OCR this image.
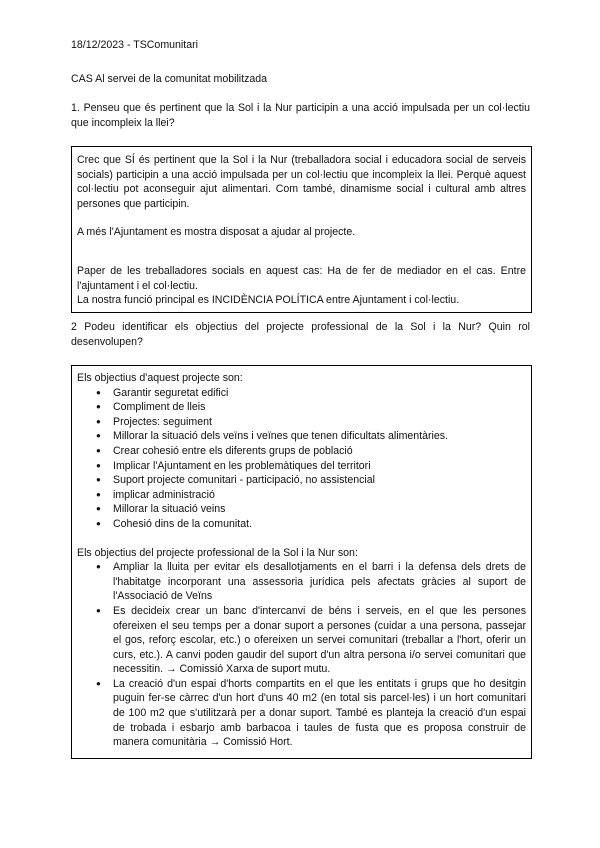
18/12/2023 - TSComunitari
CAS Al servei de la comunitat mobilitzada
1. Penseu que és pertinent que la Sol i la Nur participin a una acció impulsada per un col·lectiu que incompleix la llei?

Crec que SÍ és pertinent que la Sol i la Nur (treballadora social i educadora social de serveis socials) participin a una acció impulsada per un col·lectiu que incompleix la llei. Perquè aquest col·lectiu pot aconseguir ajut alimentari. Com també, dinamisme social i cultural amb altres persones que participin.

A més l'Ajuntament es mostra disposat a ajudar al projecte.

Paper de les treballadores socials en aquest cas: Ha de fer de mediador en el cas. Entre l'ajuntament i el col·lectiu.

La nostra funció principal es INCIDÈNCIA POLÍTICA entre Ajuntament i col·lectiu.

2 Podeu identificar els objectius del projecte professional de la Sol i la Nur? Quin rol desenvolupen?

Els objectius d'aquest projecte son:

● Garantir seguretat edifici
● Compliment de lleis
● Projectes: seguiment
● Millorar la situació dels veïns i veïnes que tenen dificultats alimentàries.
● Crear cohesió entre els diferents grups de població
● Implicar l'Ajuntament en les problemàtiques del territori
● Suport projecte comunitari - participació, no assistencial
● implicar administració
● Millorar la situació veins
● Cohesió dins de la comunitat.

Els objectius del projecte professional de la Sol i la Nur son:

● Ampliar la lluita per evitar els desallotjaments en el barri i la defensa dels drets de l'habitatge incorporant una assessoria jurídica pels afectats gràcies al suport de l'Associació de Veïns
● Es decideix crear un banc d'intercanvi de béns i serveis, en el que les persones ofereixen el seu temps per a donar suport a persones (cuidar a una persona, passejar el gos, reforç escolar, etc.) o ofereixen un servei comunitari (treballar a l'hort, oferir un curs, etc.). A canvi poden gaudir del suport d'un altra persona i/o servei comunitari que necessitin. → Comissió Xarxa de suport mutu.
● La creació d'un espai d'horts compartits en el que les entitats i grups que ho desitgin puguin fer-se càrrec d'un hort d'uns 40 m2 (en total sis parcel·les) i un hort comunitari de 100 m2 que s'utilitzarà per a donar suport. També es planteja la creació d'un espai de trobada i esbarjo amb barbacoa i taules de fusta que es proposa construir de manera comunitària → Comissió Hort.
